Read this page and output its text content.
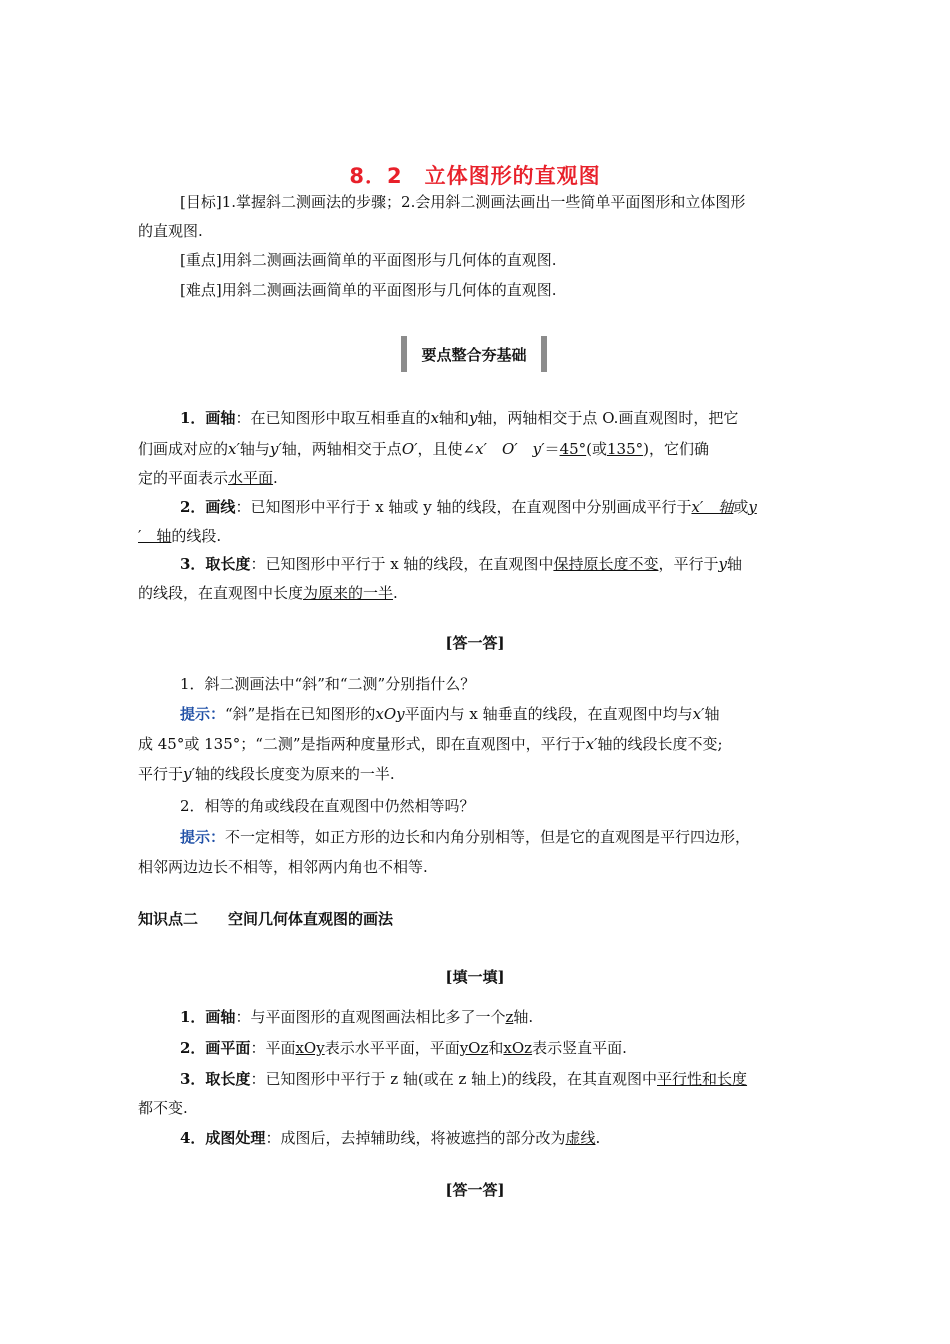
8．2　立体图形的直观图
[目标]1.掌握斜二测画法的步骤；2.会用斜二测画法画出一些简单平面图形和立体图形
的直观图.
[重点]用斜二测画法画简单的平面图形与几何体的直观图.
[难点]用斜二测画法画简单的平面图形与几何体的直观图.
要点整合夯基础
1．画轴：在已知图形中取互相垂直的x轴和y轴，两轴相交于点 O.画直观图时，把它
们画成对应的x′轴与y′轴，两轴相交于点O′，且使∠x′　O′　y′＝45°(或135°)，它们确
定的平面表示水平面.
2．画线：已知图形中平行于 x 轴或 y 轴的线段，在直观图中分别画成平行于x′　轴或y
′　轴的线段.
3．取长度：已知图形中平行于 x 轴的线段，在直观图中保持原长度不变，平行于y轴
的线段，在直观图中长度为原来的一半.
[答一答]
1．斜二测画法中“斜”和“二测”分别指什么？
提示：“斜”是指在已知图形的xOy平面内与 x 轴垂直的线段，在直观图中均与x′轴
成 45°或 135°；“二测”是指两种度量形式，即在直观图中，平行于x′轴的线段长度不变;
平行于y′轴的线段长度变为原来的一半.
2．相等的角或线段在直观图中仍然相等吗？
提示：不一定相等，如正方形的边长和内角分别相等，但是它的直观图是平行四边形，
相邻两边边长不相等，相邻两内角也不相等.
知识点二　　空间几何体直观图的画法
[填一填]
1．画轴：与平面图形的直观图画法相比多了一个z轴.
2．画平面：平面xOy表示水平平面，平面yOz和xOz表示竖直平面.
3．取长度：已知图形中平行于 z 轴(或在 z 轴上)的线段，在其直观图中平行性和长度
都不变.
4．成图处理：成图后，去掉辅助线，将被遮挡的部分改为虚线.
[答一答]
